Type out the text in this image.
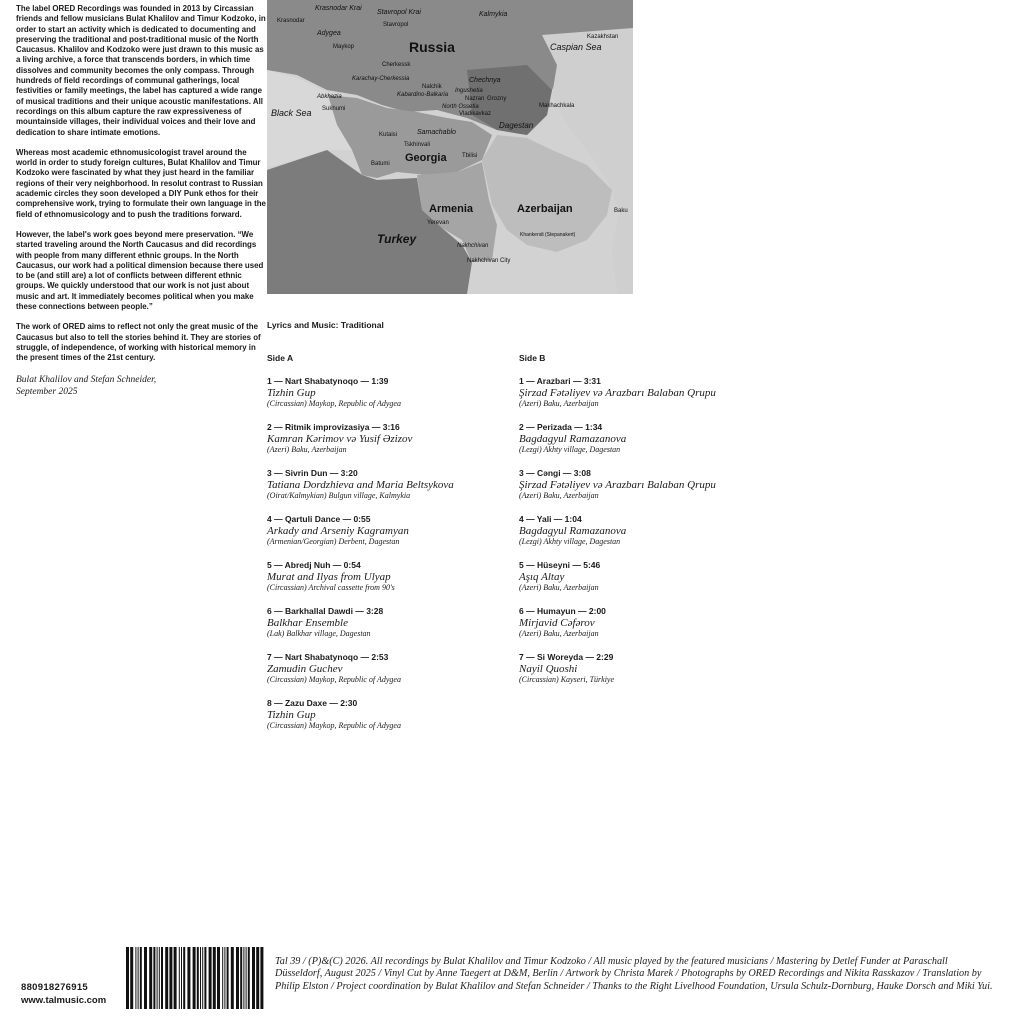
The label ORED Recordings was founded in 2013 by Circassian friends and fellow musicians Bulat Khalilov and Timur Kodzoko, in order to start an activity which is dedicated to documenting and preserving the traditional and post-traditional music of the North Caucasus. Khalilov and Kodzoko were just drawn to this music as a living archive, a force that transcends borders, in which time dissolves and community becomes the only compass. Through hundreds of field recordings of communal gatherings, local festivities or family meetings, the label has captured a wide range of musical traditions and their unique acoustic manifestations. All recordings on this album capture the raw expressiveness of mountainside villages, their individual voices and their love and dedication to share intimate emotions.

Whereas most academic ethnomusicologist travel around the world in order to study foreign cultures, Bulat Khalilov and Timur Kodzoko were fascinated by what they just heard in the familiar regions of their very neighborhood. In resolut contrast to Russian academic circles they soon developed a DIY Punk ethos for their comprehensive work, trying to formulate their own language in the field of ethnomusicology and to push the traditions forward.

However, the label's work goes beyond mere preservation. “We started traveling around the North Caucasus and did recordings with people from many different ethnic groups. In the North Caucasus, our work had a political dimension because there used to be (and still are) a lot of conflicts between different ethnic groups. We quickly understood that our work is not just about music and art. It immediately becomes political when you make these connections between people.”

The work of ORED aims to reflect not only the great music of the Caucasus but also to tell the stories behind it. They are stories of struggle, of independence, of working with historical memory in the present times of the 21st century.

Bulat Khalilov and Stefan Schneider,
September 2025

Russia
Georgia
Armenia	Azerbaijan
Turkey
Black Sea
Caspian Sea
Krasnodar Krai
Stavropol Krai	Kalmykia
Adygea
Karachay-Cherkessia
Kabardino-Balkaria
Ingushetia
North Ossetia
Chechnya
Dagestan
Abkhazia
Samachablo
Nakhchivan
Krasnodar
Stavropol
Maykop
Cherkessk
Nalchik
Nazran Grozny
Vladikavkaz
Makhachkala
Sukhumi
Kutaisi
Tskhinvali
Batumi
Tbilisi
Yerevan
Baku
Khankendi (Stepanakert)
Nakhchivan City
Kazakhstan
Lyrics and Music: Traditional
Side A	Side B
1 — Nart Shabatynoqo — 1:39
Tizhin Gup
(Circassian) Maykop, Republic of Adygea
2 — Ritmik improvizasiya — 3:16
Kamran Kərimov və Yusif Əzizov
(Azeri) Baku, Azerbaijan
3 — Sivrin Dun — 3:20
Tatiana Dordzhieva and Maria Beltsykova
(Oirat/Kalmykian) Bulgun village, Kalmykia
4 — Qartuli Dance — 0:55
Arkady and Arseniy Kagramyan
(Armenian/Georgian) Derbent, Dagestan
5 — Abredj Nuh — 0:54
Murat and Ilyas from Ulyap
(Circassian) Archival cassette from 90's
6 — Barkhallal Dawdi — 3:28
Balkhar Ensemble
(Lak) Balkhar village, Dagestan
7 — Nart Shabatynoqo — 2:53
Zamudin Guchev
(Circassian) Maykop, Republic of Adygea
8 — Zazu Daxe — 2:30
Tizhin Gup
(Circassian) Maykop, Republic of Adygea
1 — Arazbari — 3:31
Şirzad Fətəliyev və Arazbarı Balaban Qrupu
(Azeri) Baku, Azerbaijan
2 — Perizada — 1:34
Bagdagyul Ramazanova
(Lezgi) Akhty village, Dagestan
3 — Cəngi — 3:08
Şirzad Fətəliyev və Arazbarı Balaban Qrupu
(Azeri) Baku, Azerbaijan
4 — Yali — 1:04
Bagdagyul Ramazanova
(Lezgi) Akhty village, Dagestan
5 — Hüseyni — 5:46
Aşıq Altay
(Azeri) Baku, Azerbaijan
6 — Humayun — 2:00
Mirjavid Cəfərov
(Azeri) Baku, Azerbaijan
7 — Si Woreyda — 2:29
Nayil Quoshi
(Circassian) Kayseri, Türkiye
880918276915
www.talmusic.com
Tal 39 / (P)&(C) 2026. All recordings by Bulat Khalilov and Timur Kodzoko / All music played by the featured musicians / Mastering by Detlef Funder at Paraschall Düsseldorf, August 2025 / Vinyl Cut by Anne Taegert at D&M, Berlin / Artwork by Christa Marek / Photographs by ORED Recordings and Nikita Rasskazov / Translation by Philip Elston / Project coordination by Bulat Khalilov and Stefan Schneider / Thanks to the Right Livelhood Foundation, Ursula Schulz-Dornburg, Hauke Dorsch and Miki Yui.
